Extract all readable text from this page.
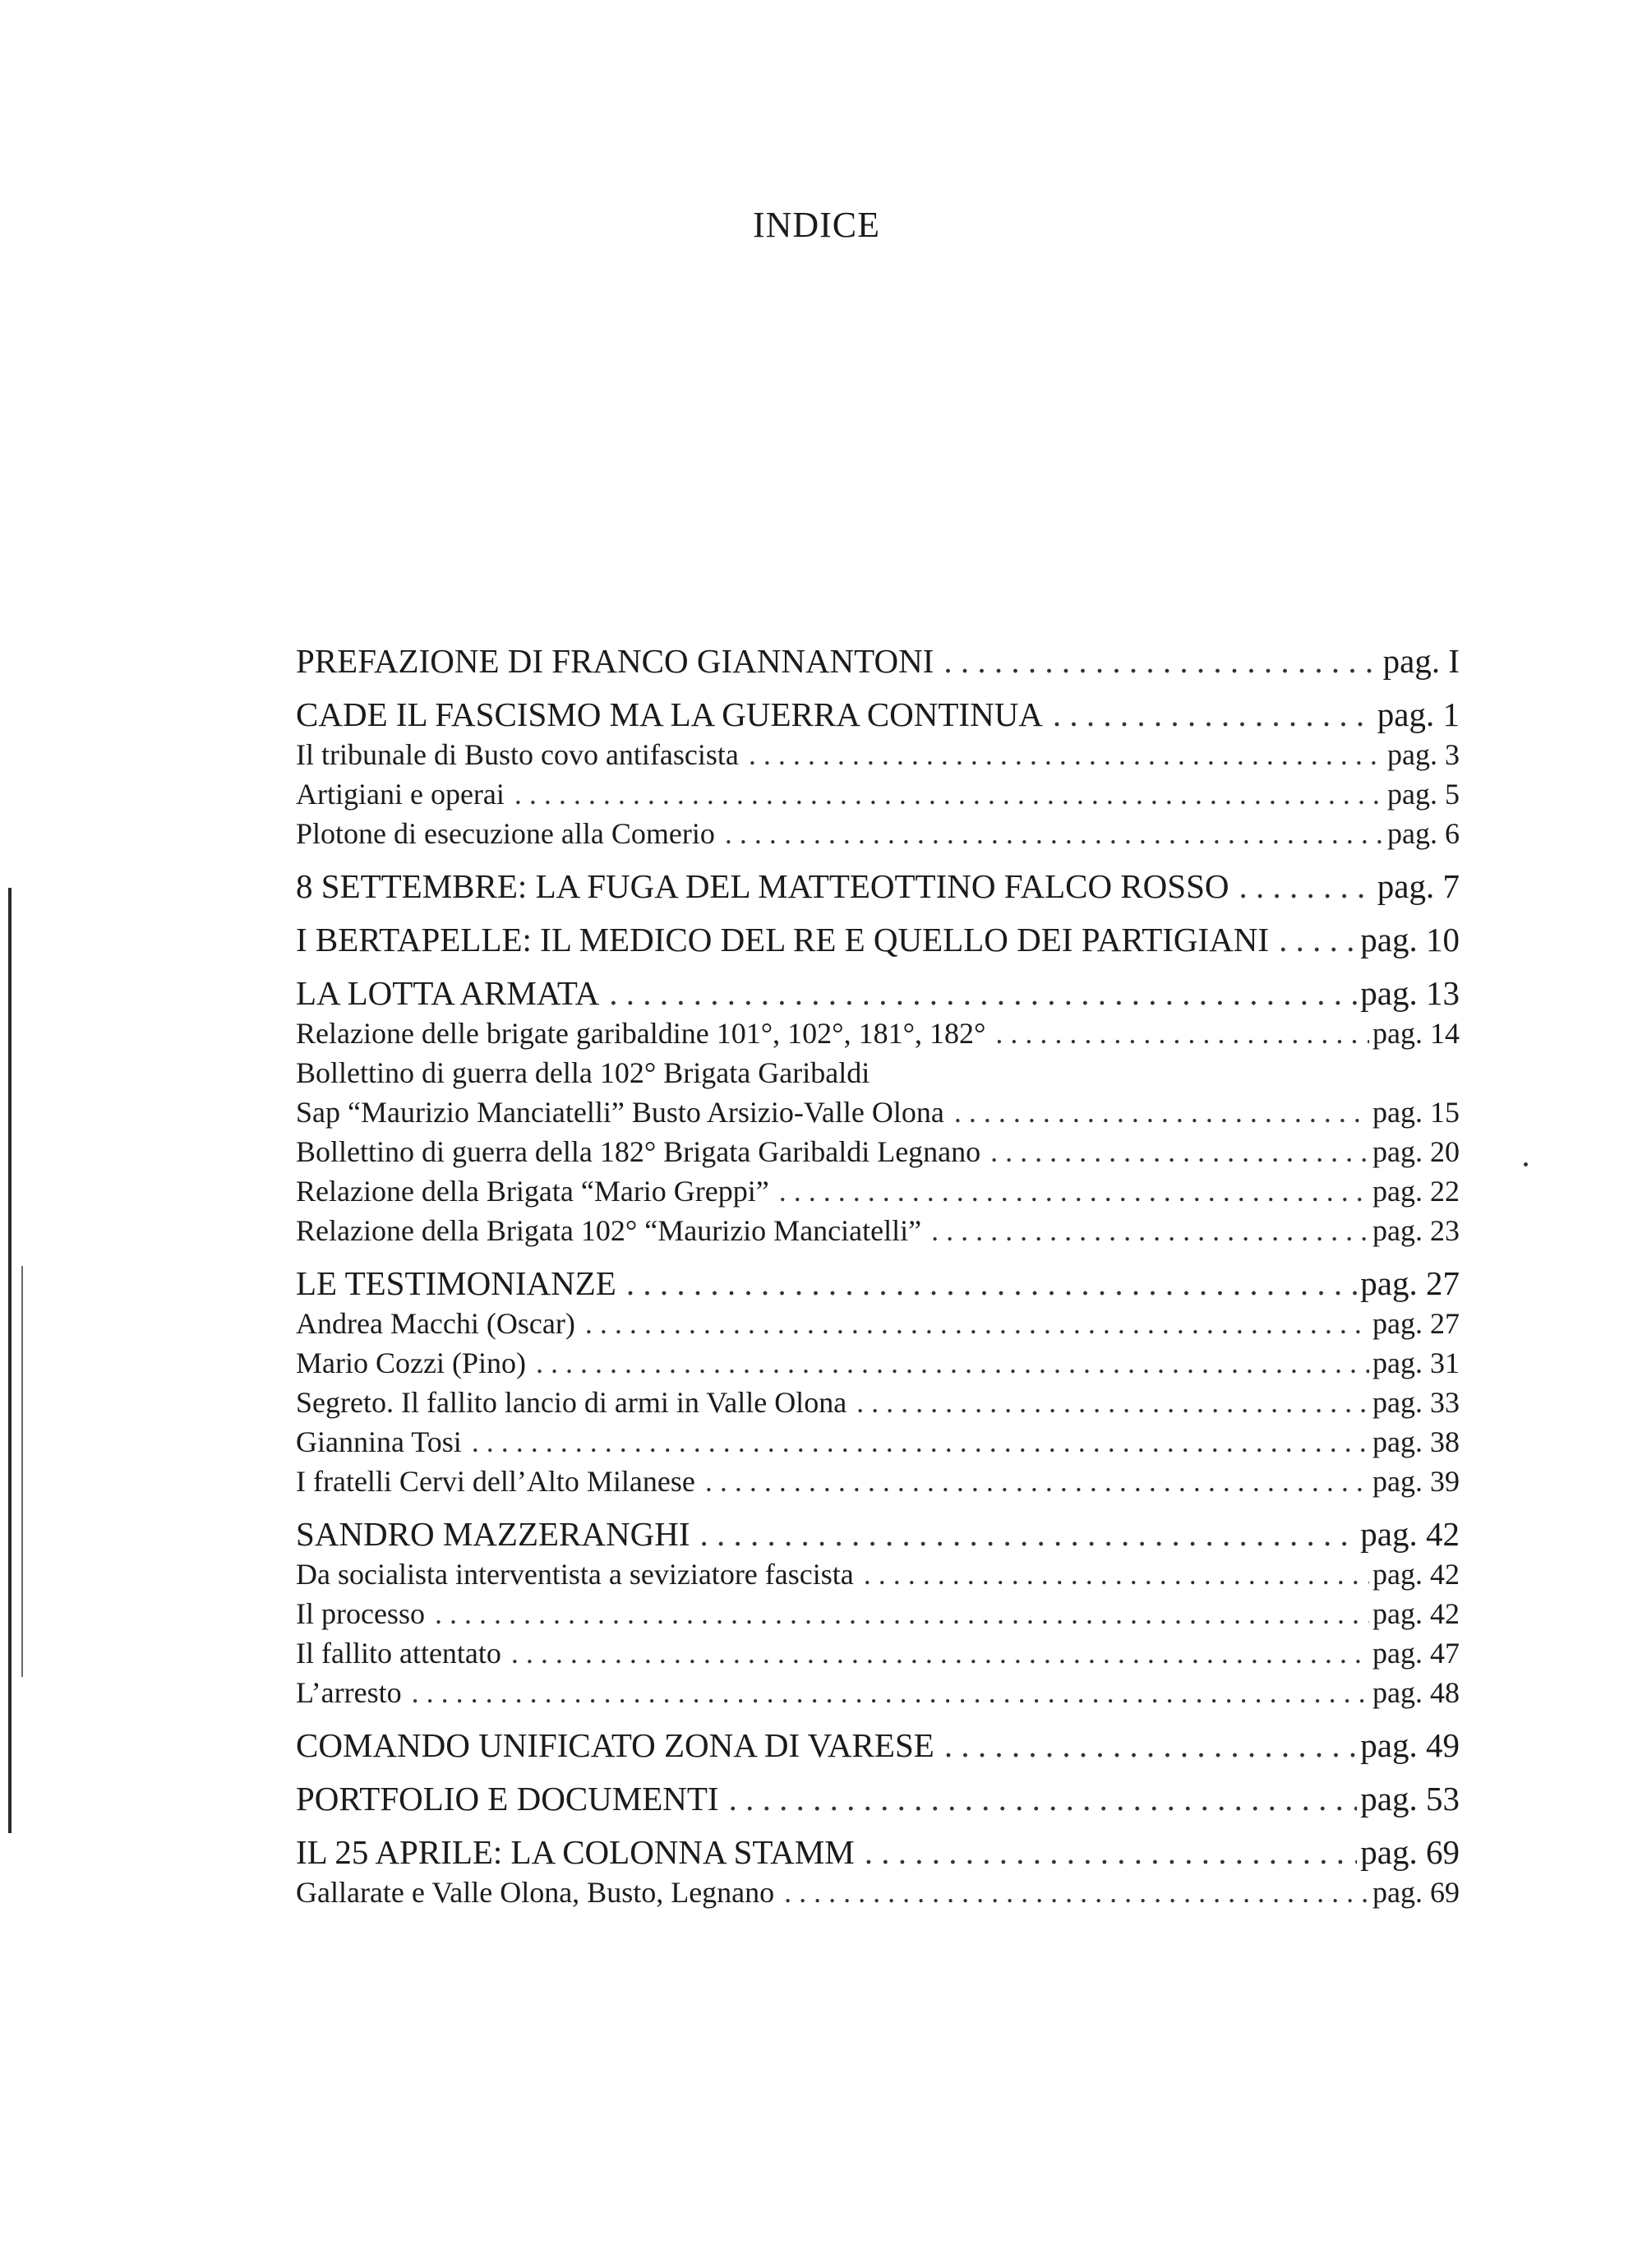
INDICE
PREFAZIONE DI FRANCO GIANNANTONI . . .	pag. I
CADE IL FASCISMO MA LA GUERRA CONTINUA . . .	pag. 1
Il tribunale di Busto covo antifascista . . .	pag. 3
Artigiani e operai . . .	pag. 5
Plotone di esecuzione alla Comerio . . .	pag. 6
8 SETTEMBRE: LA FUGA DEL MATTEOTTINO FALCO ROSSO . . .	pag. 7
I BERTAPELLE: IL MEDICO DEL RE E QUELLO DEI PARTIGIANI . . .	pag. 10
LA LOTTA ARMATA . . .	pag. 13
Relazione delle brigate garibaldine 101°, 102°, 181°, 182° . . .	pag. 14
Bollettino di guerra della 102° Brigata Garibaldi
Sap “Maurizio Manciatelli” Busto Arsizio-Valle Olona . . .	pag. 15
Bollettino di guerra della 182° Brigata Garibaldi Legnano . . .	pag. 20
Relazione della Brigata “Mario Greppi” . . .	pag. 22
Relazione della Brigata 102° “Maurizio Manciatelli” . . .	pag. 23
LE TESTIMONIANZE . . .	pag. 27
Andrea Macchi (Oscar) . . .	pag. 27
Mario Cozzi (Pino) . . .	pag. 31
Segreto. Il fallito lancio di armi in Valle Olona . . .	pag. 33
Giannina Tosi . . .	pag. 38
I fratelli Cervi dell’Alto Milanese . . .	pag. 39
SANDRO MAZZERANGHI . . .	pag. 42
Da socialista interventista a seviziatore fascista . . .	pag. 42
Il processo . . .	pag. 42
Il fallito attentato . . .	pag. 47
L’arresto . . .	pag. 48
COMANDO UNIFICATO ZONA DI VARESE . . .	pag. 49
PORTFOLIO E DOCUMENTI . . .	pag. 53
IL 25 APRILE: LA COLONNA STAMM . . .	pag. 69
Gallarate e Valle Olona, Busto, Legnano . . .	pag. 69
